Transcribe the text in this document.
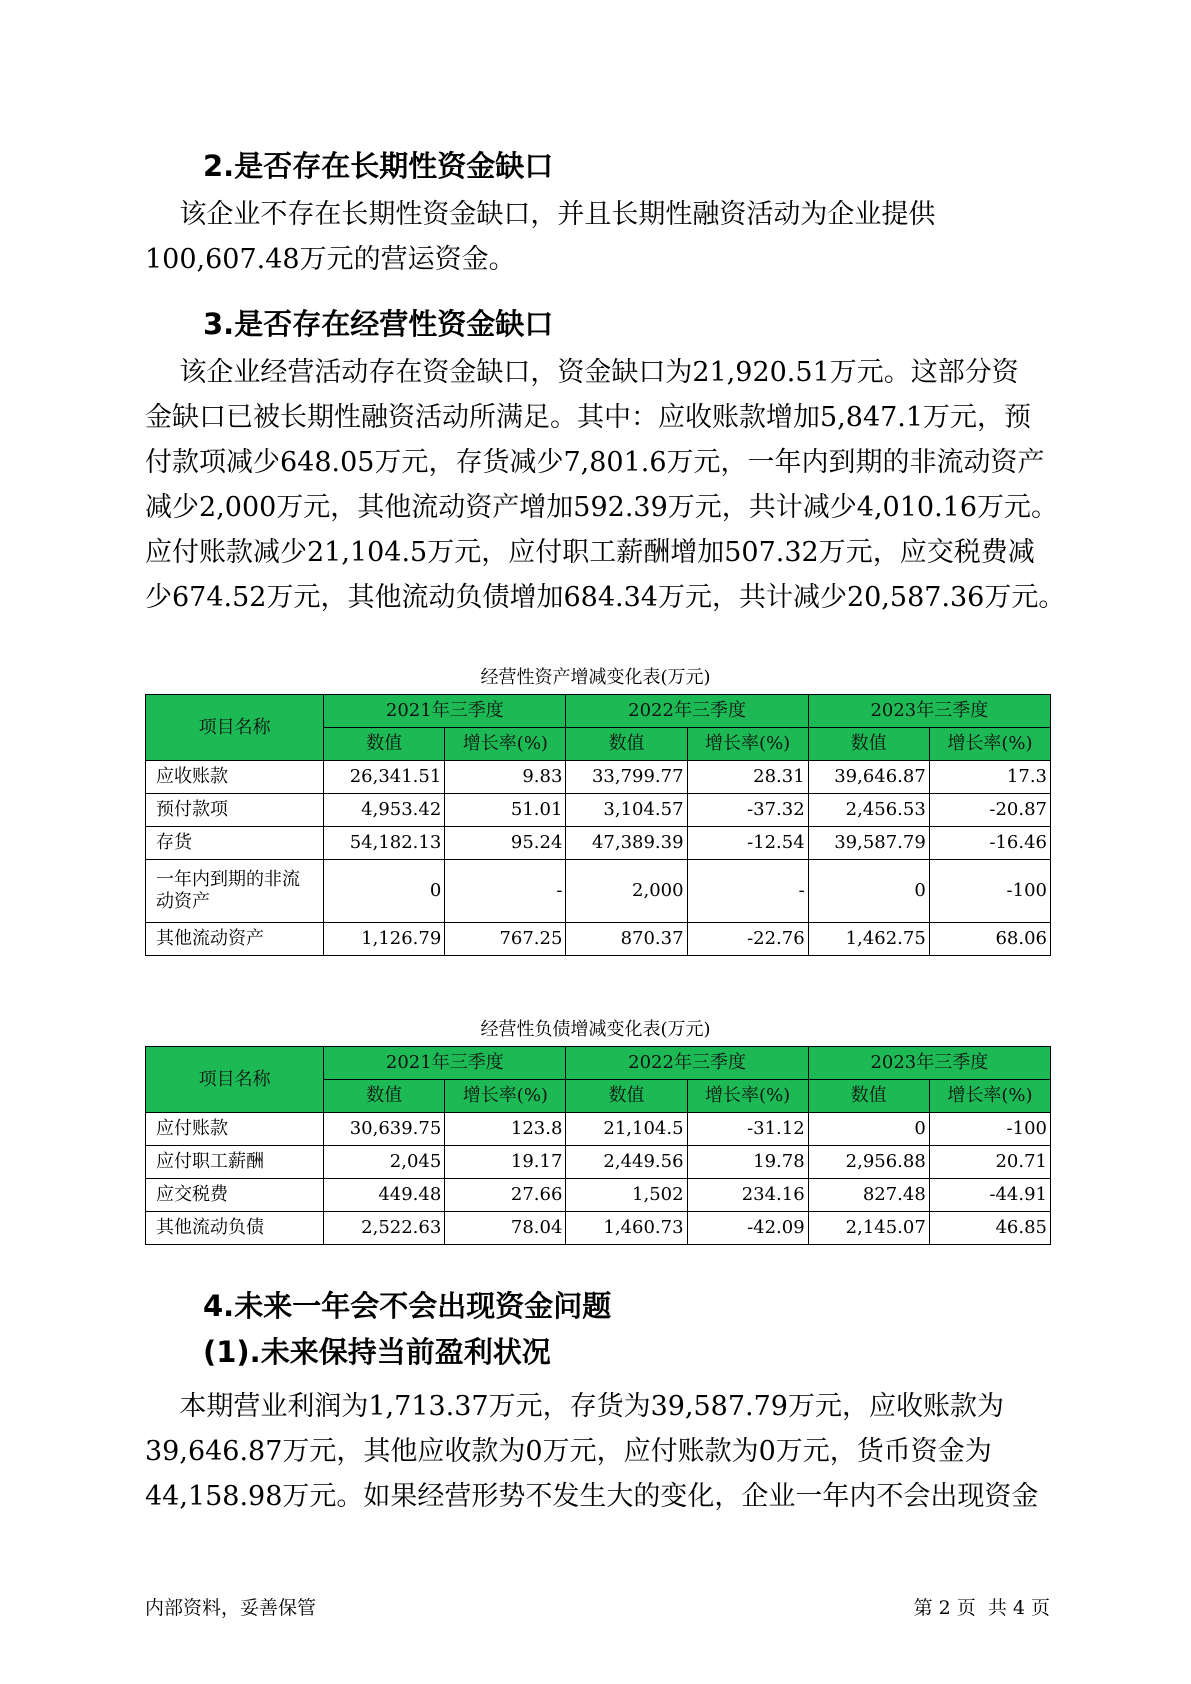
2.是否存在长期性资金缺口
该企业不存在长期性资金缺口，并且长期性融资活动为企业提供
100,607.48万元的营运资金。
3.是否存在经营性资金缺口
该企业经营活动存在资金缺口，资金缺口为21,920.51万元。这部分资
金缺口已被长期性融资活动所满足。其中：应收账款增加5,847.1万元，预
付款项减少648.05万元，存货减少7,801.6万元，一年内到期的非流动资产
减少2,000万元，其他流动资产增加592.39万元，共计减少4,010.16万元。
应付账款减少21,104.5万元，应付职工薪酬增加507.32万元，应交税费减
少674.52万元，其他流动负债增加684.34万元，共计减少20,587.36万元。
经营性资产增减变化表(万元)
项目名称	2021年三季度		2022年三季度		2023年三季度	
	数值	增长率(%)	数值	增长率(%)	数值	增长率(%)
应收账款	26,341.51	9.83	33,799.77	28.31	39,646.87	17.3
预付款项	4,953.42	51.01	3,104.57	-37.32	2,456.53	-20.87
存货	54,182.13	95.24	47,389.39	-12.54	39,587.79	-16.46

一年内到期的非流
动资产	0	-	2,000	-	0	-100
其他流动资产	1,126.79	767.25	870.37	-22.76	1,462.75	68.06
经营性负债增减变化表(万元)
项目名称	2021年三季度		2022年三季度		2023年三季度	
	数值	增长率(%)	数值	增长率(%)	数值	增长率(%)
应付账款	30,639.75	123.8	21,104.5	-31.12	0	-100
应付职工薪酬	2,045	19.17	2,449.56	19.78	2,956.88	20.71
应交税费	449.48	27.66	1,502	234.16	827.48	-44.91
其他流动负债	2,522.63	78.04	1,460.73	-42.09	2,145.07	46.85
4.未来一年会不会出现资金问题
(1).未来保持当前盈利状况
本期营业利润为1,713.37万元，存货为39,587.79万元，应收账款为
39,646.87万元，其他应收款为0万元，应付账款为0万元，货币资金为
44,158.98万元。如果经营形势不发生大的变化，企业一年内不会出现资金
内部资料，妥善保管	第 2 页  共 4 页
